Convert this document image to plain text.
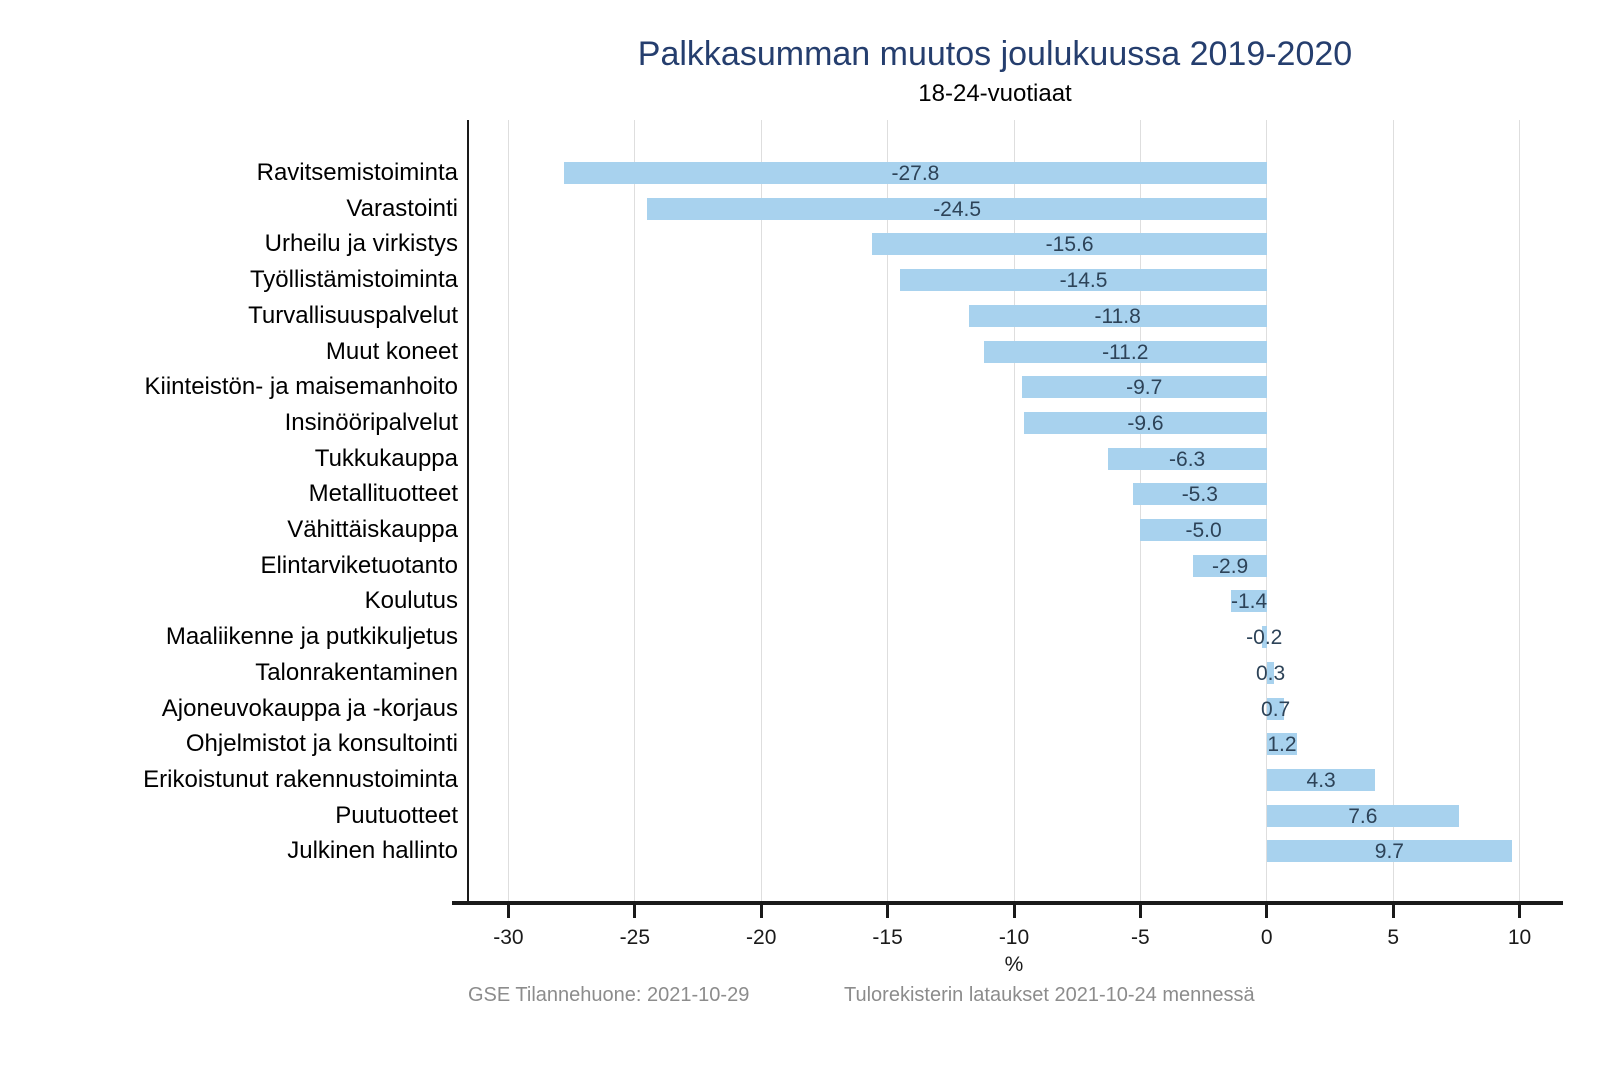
Palkkasumman muutos joulukuussa 2019-2020
18-24-vuotiaat
-27.8
-24.5
-15.6
-14.5
-11.8
-11.2
-9.7
-9.6
-6.3
-5.3
-5.0
-2.9
-1.4
-0.2
0.3
0.7
1.2
4.3
7.6
9.7
Ravitsemistoiminta
Varastointi
Urheilu ja virkistys
Työllistämistoiminta
Turvallisuuspalvelut
Muut koneet
Kiinteistön- ja maisemanhoito
Insinööripalvelut
Tukkukauppa
Metallituotteet
Vähittäiskauppa
Elintarviketuotanto
Koulutus
Maaliikenne ja putkikuljetus
Talonrakentaminen
Ajoneuvokauppa ja -korjaus
Ohjelmistot ja konsultointi
Erikoistunut rakennustoiminta
Puutuotteet
Julkinen hallinto
-30	-25	-20	-15	-10	-5	0	5	10
%
GSE Tilannehuone: 2021-10-29	Tulorekisterin lataukset 2021-10-24 mennessä
